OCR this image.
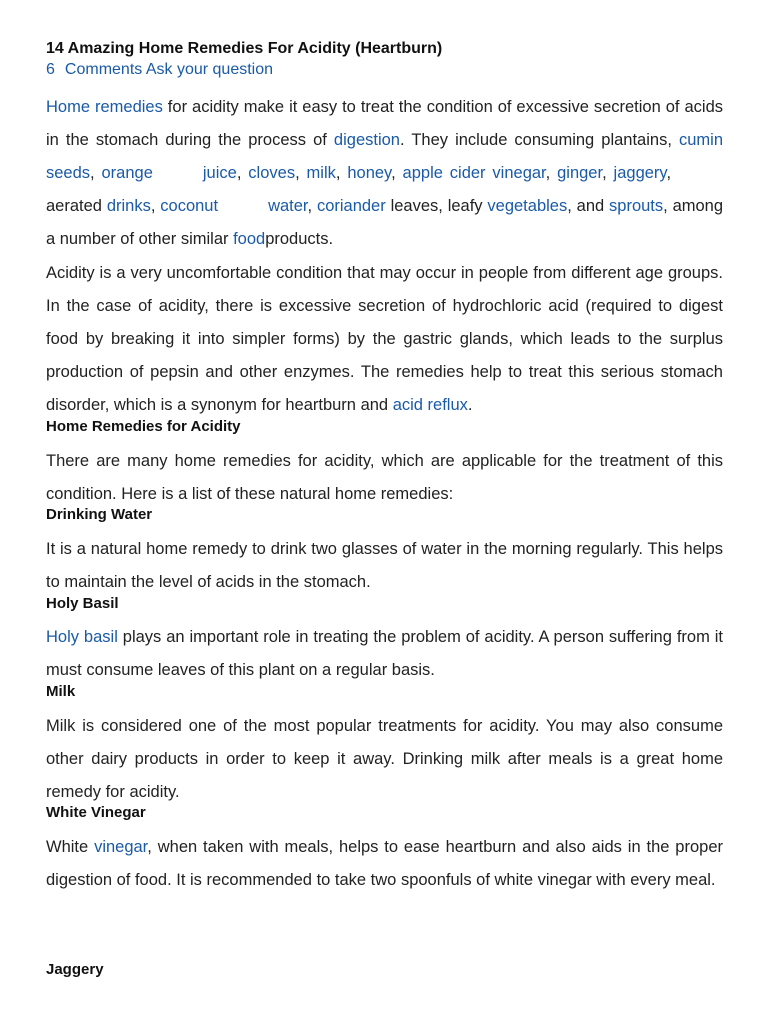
14 Amazing Home Remedies For Acidity (Heartburn)
6 Comments Ask your question

Home remedies for acidity make it easy to treat the condition of excessive secretion of acids in the stomach during the process of digestion. They include consuming plantains, cumin seeds, orange	juice, cloves, milk, honey, apple cider vinegar, ginger, jaggery,aerated drinks, coconut	water, coriander leaves, leafy vegetables, and sprouts, among a number of other similar foodproducts.

Acidity is a very uncomfortable condition that may occur in people from different age groups. In the case of acidity, there is excessive secretion of hydrochloric acid (required to digest food by breaking it into simpler forms) by the gastric glands, which leads to the surplus production of pepsin and other enzymes. The remedies help to treat this serious stomach disorder, which is a synonym for heartburn and acid reflux.

Home Remedies for Acidity

There are many home remedies for acidity, which are applicable for the treatment of this condition. Here is a list of these natural home remedies:

Drinking Water

It is a natural home remedy to drink two glasses of water in the morning regularly. This helps to maintain the level of acids in the stomach.

Holy Basil

Holy basil plays an important role in treating the problem of acidity. A person suffering from it must consume leaves of this plant on a regular basis.

Milk

Milk is considered one of the most popular treatments for acidity. You may also consume other dairy products in order to keep it away. Drinking milk after meals is a great home remedy for acidity.

White Vinegar

White vinegar, when taken with meals, helps to ease heartburn and also aids in the proper digestion of food. It is recommended to take two spoonfuls of white vinegar with every meal.

Jaggery
